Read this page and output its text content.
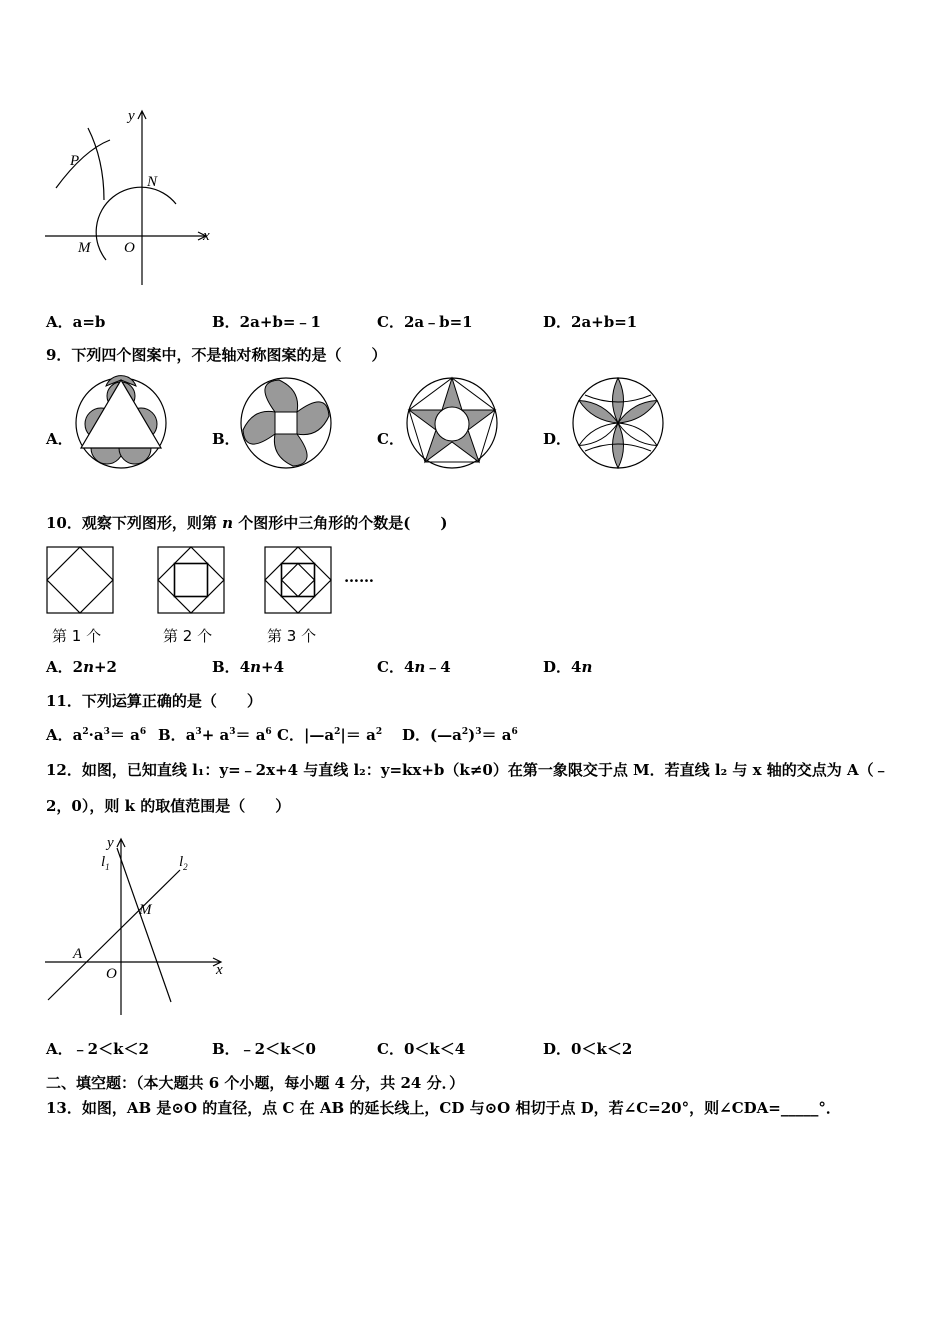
y
x
P
N
M O
A．a=b	B．2a+b=﹣1	C．2a﹣b=1	D．2a+b=1
9．下列四个图案中，不是轴对称图案的是（　　）
A．	B．	C．	D．
10．观察下列图形，则第 n 个图形中三角形的个数是(　　)
……
第 1 个	第 2 个	第 3 个
A．2n+2	B．4n+4	C．4n﹣4	D．4n
11．下列运算正确的是（　　）
A．$a^2\cdot a^3= a^6$ B．$a^3+ a^3= a^6$ C．$|—a^2|= a^2$ D．$(—a^2)^3= a^6$
12．如图，已知直线 l₁：y=﹣2x+4 与直线 l₂：y=kx+b（k≠0）在第一象限交于点 M．若直线 l₂ 与 x 轴的交点为 A（﹣
2，0），则 k 的取值范围是（　　）
y
x
$l_1$	$l_2$
M
A
O
A．﹣2＜k＜2	B．﹣2＜k＜0	C．0＜k＜4	D．0＜k＜2
二、填空题：（本大题共 6 个小题，每小题 4 分，共 24 分．）
13．如图，AB 是⊙O 的直径，点 C 在 AB 的延长线上，CD 与⊙O 相切于点 D，若∠C=20°，则∠CDA=_____°．
